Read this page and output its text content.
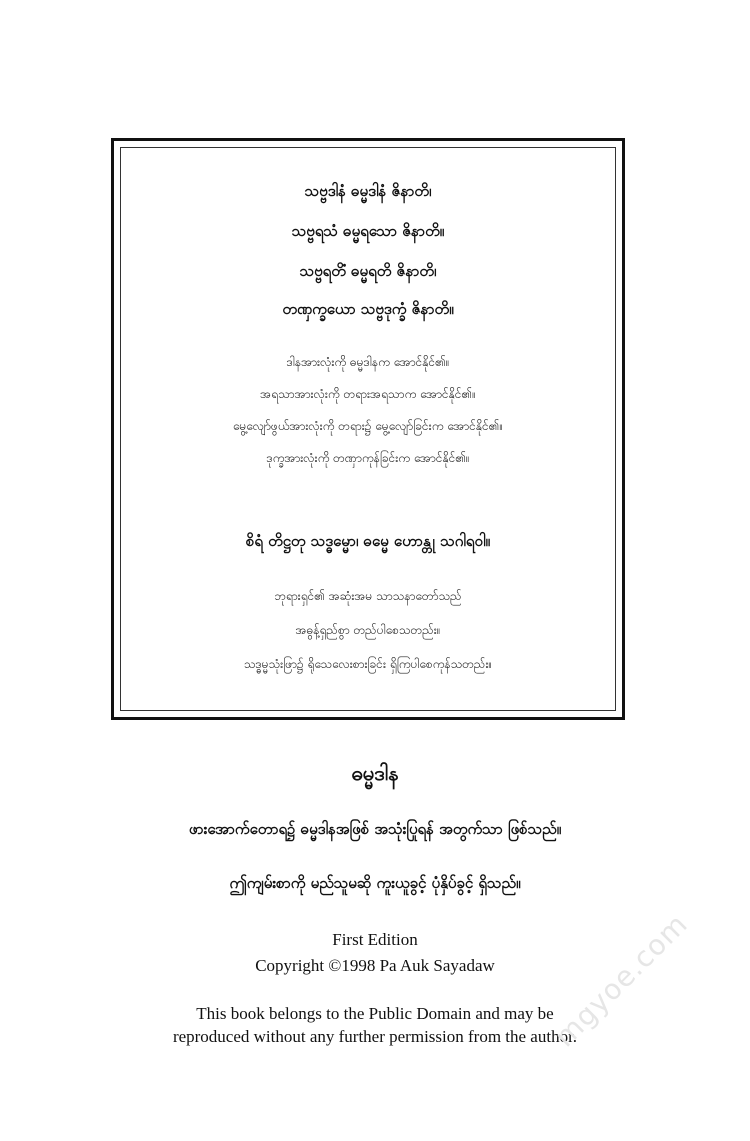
သဗ္ဗဒါနံ ဓမ္မဒါနံ ဇိနာတိ၊
သဗ္ဗရသံ ဓမ္မရသော ဇိနာတိ။
သဗ္ဗရတိံ ဓမ္မရတိ ဇိနာတိ၊
တဏှက္ခယော သဗ္ဗဒုက္ခံ ဇိနာတိ။
ဒါနအားလုံးကို ဓမ္မဒါနက အောင်နိုင်၏။
အရသာအားလုံးကို တရားအရသာက အောင်နိုင်၏။
မွေ့လျော်ဖွယ်အားလုံးကို တရား၌ မွေ့လျော်ခြင်းက အောင်နိုင်၏။
ဒုက္ခအားလုံးကို တဏှာကုန်ခြင်းက အောင်နိုင်၏။
စိရံ တိဋ္ဌတု သဒ္ဓမ္မော၊ ဓမ္မေ ဟောန္တု သဂါရဝါ။
ဘုရားရှင်၏ အဆုံးအမ သာသနာတော်သည်
အဓွန့်ရှည်စွာ တည်ပါစေသတည်း။
သဒ္ဓမ္မသုံးဖြာ၌ ရိုသေလေးစားခြင်း ရှိကြပါစေကုန်သတည်း။
ဓမ္မဒါန
ဖားအောက်တောရ၌ ဓမ္မဒါနအဖြစ် အသုံးပြုရန် အတွက်သာ ဖြစ်သည်။
ဤကျမ်းစာကို မည်သူမဆို ကူးယူခွင့် ပုံနှိပ်ခွင့် ရှိသည်။
First Edition
Copyright ©1998 Pa Auk Sayadaw
This book belongs to the Public Domain and may be
reproduced without any further permission from the author.
mgyoe.com
